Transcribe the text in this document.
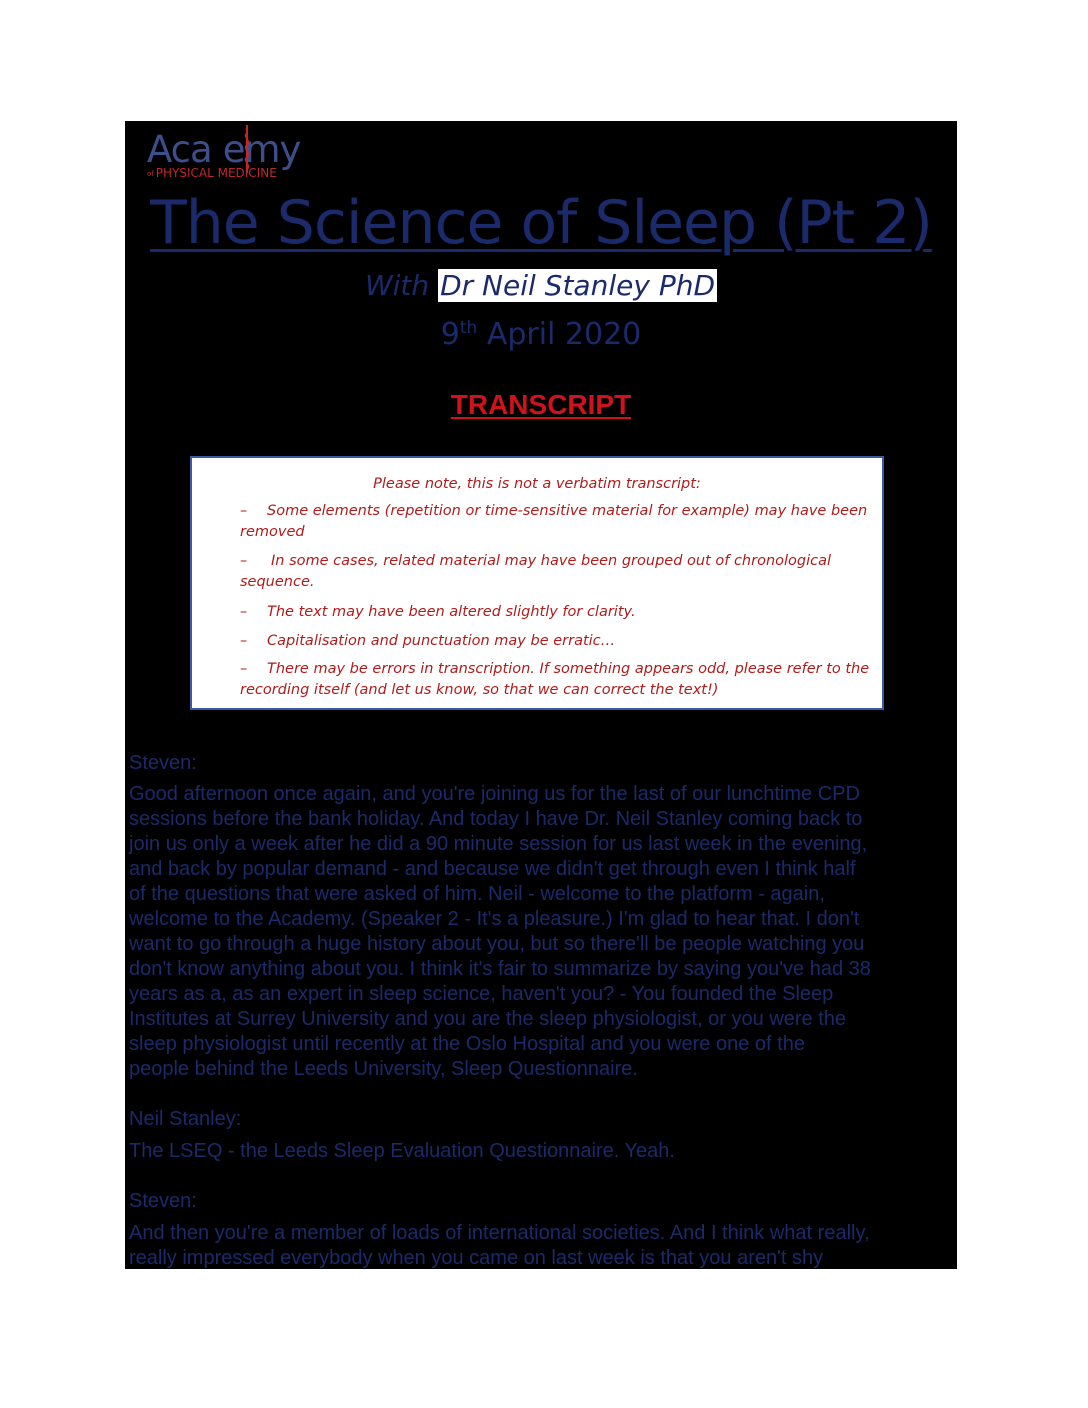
Aca emy
of PHYSICAL MEDICINE
The Science of Sleep (Pt 2)
With Dr Neil Stanley PhD
9th April 2020
TRANSCRIPT
Please note, this is not a verbatim transcript:
– Some elements (repetition or time-sensitive material for example) may have been
removed
– In some cases, related material may have been grouped out of chronological
sequence.
– The text may have been altered slightly for clarity.
– Capitalisation and punctuation may be erratic…
– There may be errors in transcription. If something appears odd, please refer to the
recording itself (and let us know, so that we can correct the text!)
Steven:
Good afternoon once again, and you're joining us for the last of our lunchtime CPD
sessions before the bank holiday. And today I have Dr. Neil Stanley coming back to
join us only a week after he did a 90 minute session for us last week in the evening,
and back by popular demand - and because we didn't get through even I think half
of the questions that were asked of him. Neil - welcome to the platform - again,
welcome to the Academy. (Speaker 2 - It's a pleasure.) I'm glad to hear that. I don't
want to go through a huge history about you, but so there'll be people watching you
don't know anything about you. I think it's fair to summarize by saying you've had 38
years as a, as an expert in sleep science, haven't you? - You founded the Sleep
Institutes at Surrey University and you are the sleep physiologist, or you were the
sleep physiologist until recently at the Oslo Hospital and you were one of the
people behind the Leeds University, Sleep Questionnaire.
Neil Stanley:
The LSEQ - the Leeds Sleep Evaluation Questionnaire. Yeah.
Steven:
And then you're a member of loads of international societies. And I think what really,
really impressed everybody when you came on last week is that you aren't shy
